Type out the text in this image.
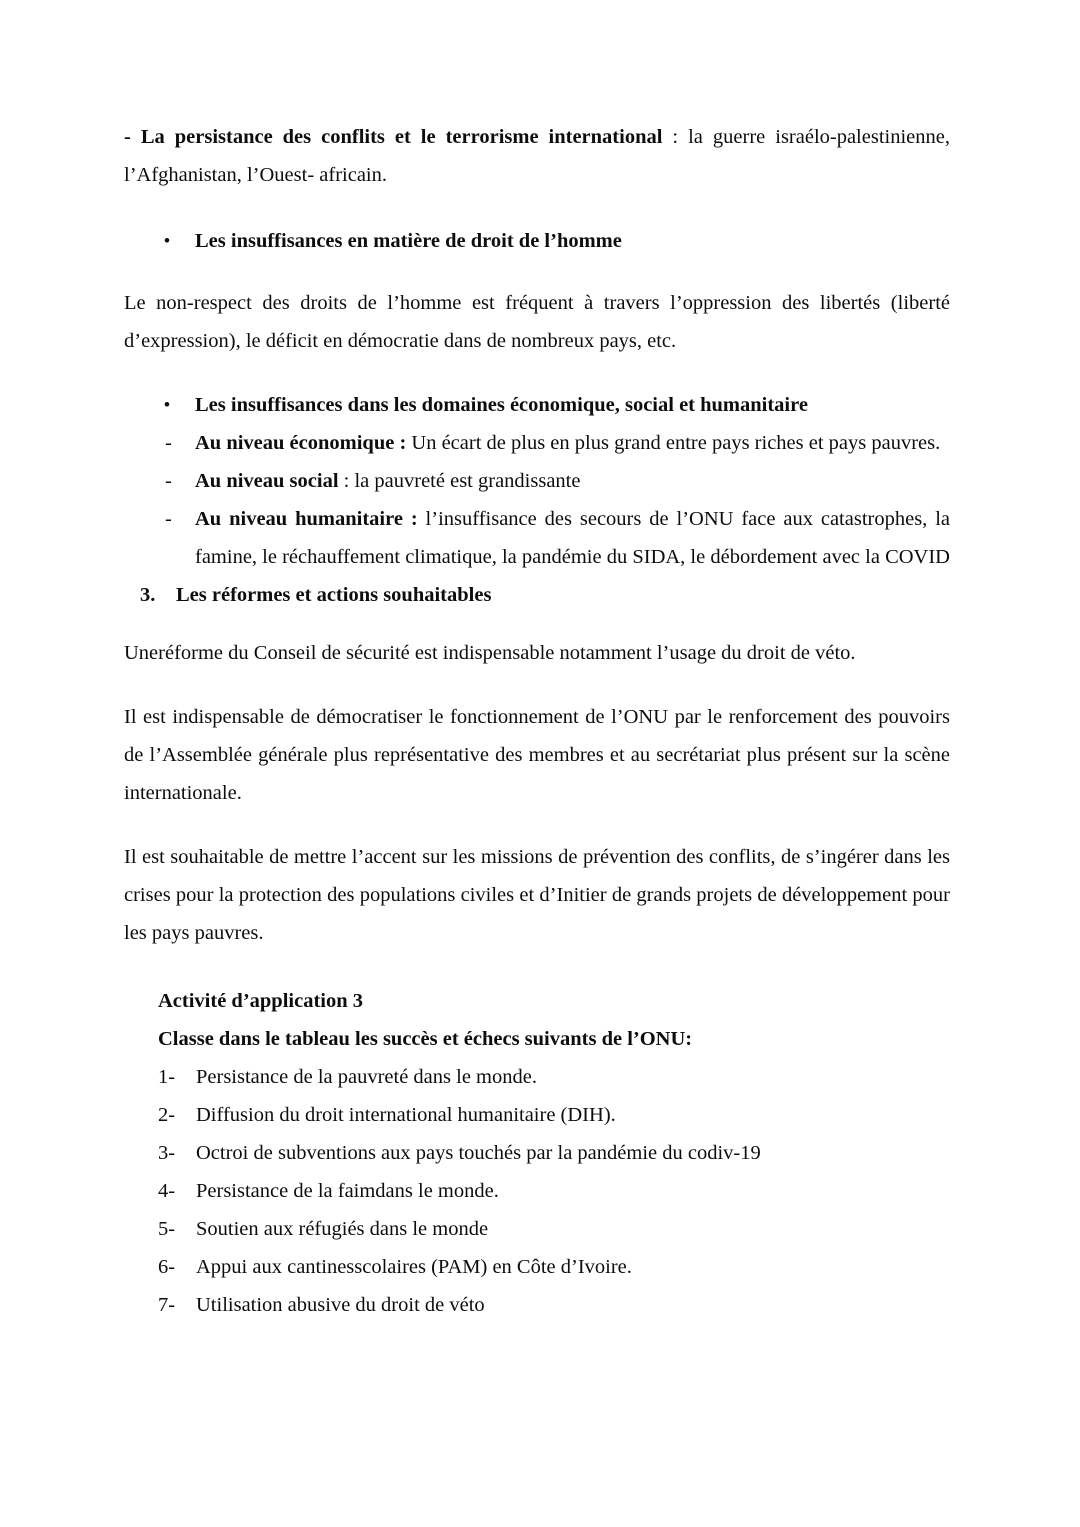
- La persistance des conflits et le terrorisme international : la guerre israélo-palestinienne, l’Afghanistan, l’Ouest- africain.

• Les insuffisances en matière de droit de l’homme

Le non-respect des droits de l’homme est fréquent à travers l’oppression des libertés (liberté d’expression), le déficit en démocratie dans de nombreux pays, etc.

• Les insuffisances dans les domaines économique, social et humanitaire

- Au niveau économique : Un écart de plus en plus grand entre pays riches et pays pauvres.

- Au niveau social : la pauvreté est grandissante

- Au niveau humanitaire : l’insuffisance des secours de l’ONU face aux catastrophes, la famine, le réchauffement climatique, la pandémie du SIDA, le débordement avec la COVID

3. Les réformes et actions souhaitables

Uneréforme du Conseil de sécurité est indispensable notamment l’usage du droit de véto.

Il est indispensable de démocratiser le fonctionnement de l’ONU par le renforcement des pouvoirs de l’Assemblée générale plus représentative des membres et au secrétariat plus présent sur la scène internationale.

Il est souhaitable de mettre l’accent sur les missions de prévention des conflits, de s’ingérer dans les crises pour la protection des populations civiles et d’Initier de grands projets de développement pour les pays pauvres.

Activité d’application 3

Classe dans le tableau les succès et échecs suivants de l’ONU:

1- Persistance de la pauvreté dans le monde.
2- Diffusion du droit international humanitaire (DIH).
3- Octroi de subventions aux pays touchés par la pandémie du codiv-19
4- Persistance de la faimdans le monde.
5- Soutien aux réfugiés dans le monde
6- Appui aux cantinesscolaires (PAM) en Côte d’Ivoire.
7- Utilisation abusive du droit de véto
